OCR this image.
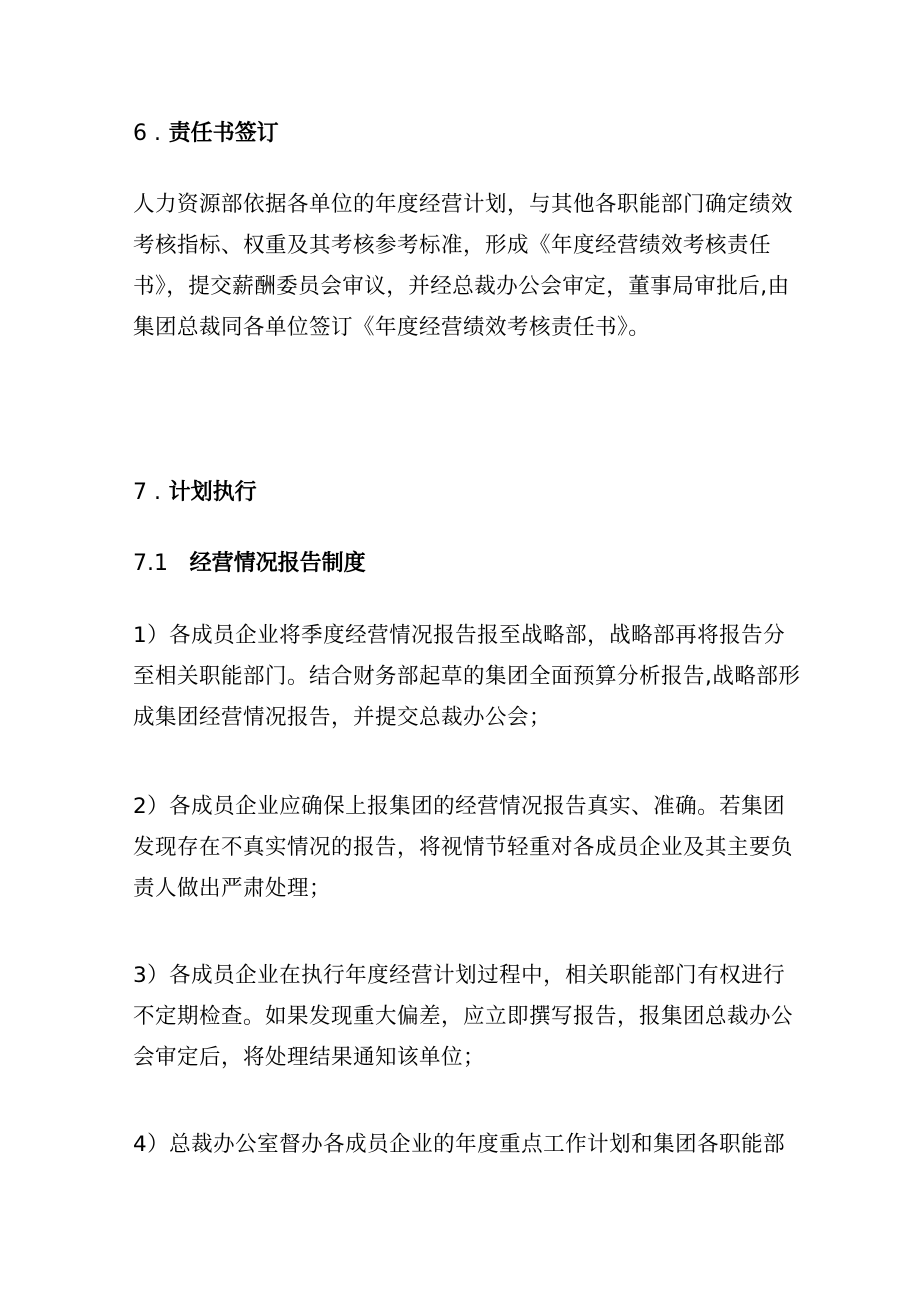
6 . 责任书签订
人力资源部依据各单位的年度经营计划，与其他各职能部门确定绩效
考核指标、权重及其考核参考标准，形成《年度经营绩效考核责任
书》，提交薪酬委员会审议，并经总裁办公会审定，董事局审批后,由
集团总裁同各单位签订《年度经营绩效考核责任书》。
7 . 计划执行
7.1 经营情况报告制度
1）各成员企业将季度经营情况报告报至战略部，战略部再将报告分
至相关职能部门。结合财务部起草的集团全面预算分析报告,战略部形
成集团经营情况报告，并提交总裁办公会；
2）各成员企业应确保上报集团的经营情况报告真实、准确。若集团
发现存在不真实情况的报告，将视情节轻重对各成员企业及其主要负
责人做出严肃处理；
3）各成员企业在执行年度经营计划过程中，相关职能部门有权进行
不定期检查。如果发现重大偏差，应立即撰写报告，报集团总裁办公
会审定后，将处理结果通知该单位；
4）总裁办公室督办各成员企业的年度重点工作计划和集团各职能部
